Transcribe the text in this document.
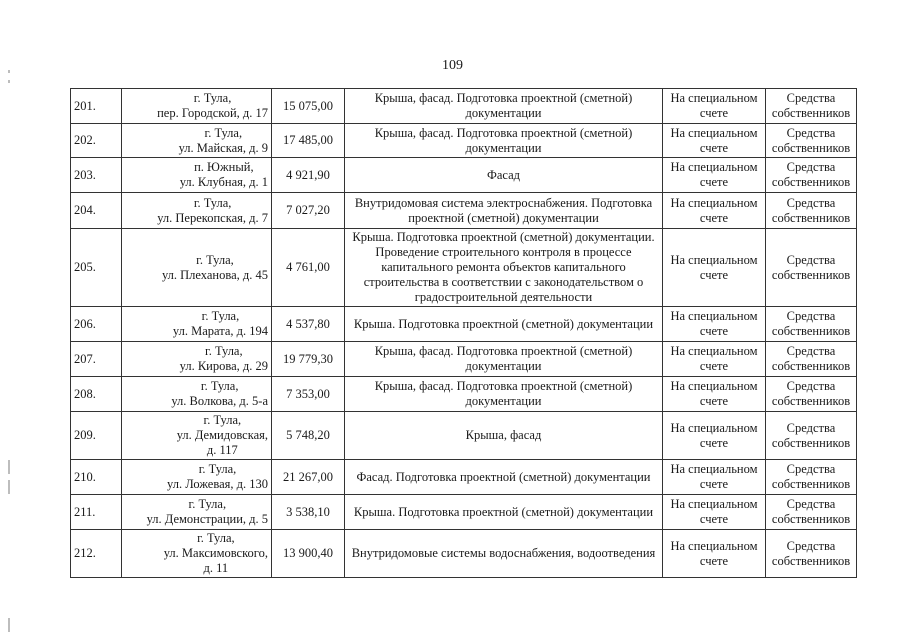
109
201.	г. Тула,
пер. Городской, д. 17	15 075,00	Крыша, фасад. Подготовка проектной (сметной)
документации	На специальном
счете	Средства
собственников
202.	г. Тула,
ул. Майская, д. 9	17 485,00	Крыша, фасад. Подготовка проектной (сметной)
документации	На специальном
счете	Средства
собственников
203.	п. Южный,
ул. Клубная, д. 1	4 921,90	Фасад	На специальном
счете	Средства
собственников
204.	г. Тула,
ул. Перекопская, д. 7	7 027,20	Внутридомовая система электроснабжения. Подготовка
проектной (сметной) документации	На специальном
счете	Средства
собственников
205.	г. Тула,
ул. Плеханова, д. 45	4 761,00	Крыша. Подготовка проектной (сметной) документации.
Проведение строительного контроля в процессе
капитального ремонта объектов капитального
строительства в соответствии с законодательством о
градостроительной деятельности	На специальном
счете	Средства
собственников
206.	г. Тула,
ул. Марата, д. 194	4 537,80	Крыша. Подготовка проектной (сметной) документации	На специальном
счете	Средства
собственников
207.	г. Тула,
ул. Кирова, д. 29	19 779,30	Крыша, фасад. Подготовка проектной (сметной)
документации	На специальном
счете	Средства
собственников
208.	г. Тула,
ул. Волкова, д. 5-а	7 353,00	Крыша, фасад. Подготовка проектной (сметной)
документации	На специальном
счете	Средства
собственников
209.	г. Тула,
ул. Демидовская,
д. 117	5 748,20	Крыша, фасад	На специальном
счете	Средства
собственников
210.	г. Тула,
ул. Ложевая, д. 130	21 267,00	Фасад. Подготовка проектной (сметной) документации	На специальном
счете	Средства
собственников
211.	г. Тула,
ул. Демонстрации, д. 5	3 538,10	Крыша. Подготовка проектной (сметной) документации	На специальном
счете	Средства
собственников
212.	г. Тула,
ул. Максимовского,
д. 11	13 900,40	Внутридомовые системы водоснабжения, водоотведения	На специальном
счете	Средства
собственников
